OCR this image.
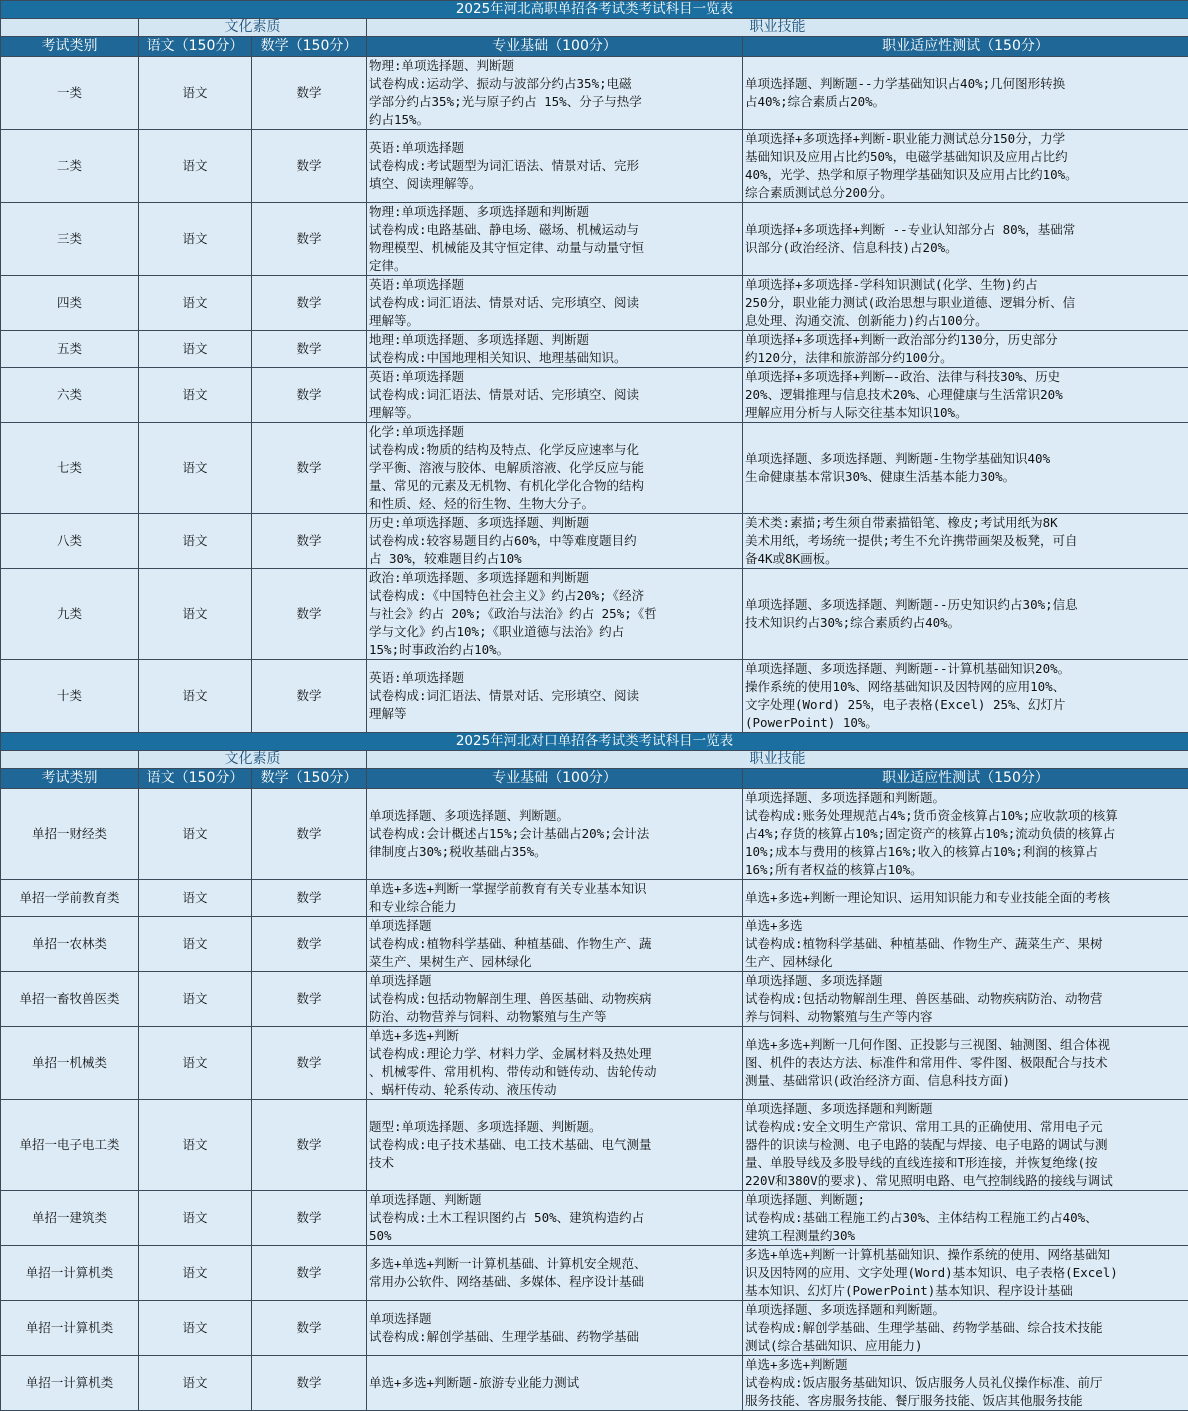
2025年河北高职单招各考试类考试科目一览表				
	文化素质		职业技能	
考试类别	语文（150分）	数学（150分）	专业基础（100分）	职业适应性测试（150分）
一类	语文	数学	物理:单项选择题、判断题
试卷构成:运动学、振动与波部分约占35%;电磁
学部分约占35%;光与原子约占 15%、分子与热学
约占15%。	单项选择题、判断题--力学基础知识占40%;几何图形转换
占40%;综合素质占20%。
二类	语文	数学	英语:单项选择题
试卷构成:考试题型为词汇语法、情景对话、完形
填空、阅读理解等。	单项选择+多项选择+判断-职业能力测试总分150分，力学
基础知识及应用占比约50%，电磁学基础知识及应用占比约
40%，光学、热学和原子物理学基础知识及应用占比约10%。
综合素质测试总分200分。
三类	语文	数学	物理:单项选择题、多项选择题和判断题
试卷构成:电路基础、静电场、磁场、机械运动与
物理模型、机械能及其守恒定律、动量与动量守恒
定律。	单项选择+多项选择+判断 --专业认知部分占 80%，基础常
识部分(政治经济、信息科技)占20%。
四类	语文	数学	英语:单项选择题
试卷构成:词汇语法、情景对话、完形填空、阅读
理解等。	单项选择+多项选择-学科知识测试(化学、生物)约占
250分，职业能力测试(政治思想与职业道德、逻辑分析、信
息处理、沟通交流、创新能力)约占100分。
五类	语文	数学	地理:单项选择题、多项选择题、判断题
试卷构成:中国地理相关知识、地理基础知识。	单项选择+多项选择+判断一政治部分约130分，历史部分
约120分，法律和旅游部分约100分。
六类	语文	数学	英语:单项选择题
试卷构成:词汇语法、情景对话、完形填空、阅读
理解等。	单项选择+多项选择+判断—-政治、法律与科技30%、历史
20%、逻辑推理与信息技术20%、心理健康与生活常识20%
理解应用分析与人际交往基本知识10%。
七类	语文	数学	化学:单项选择题
试卷构成:物质的结构及特点、化学反应速率与化
学平衡、溶液与胶体、电解质溶液、化学反应与能
量、常见的元素及无机物、有机化学化合物的结构
和性质、烃、烃的衍生物、生物大分子。	单项选择题、多项选择题、判断题-生物学基础知识40%
生命健康基本常识30%、健康生活基本能力30%。
八类	语文	数学	历史:单项选择题、多项选择题、判断题
试卷构成:较容易题目约占60%，中等难度题目约
占 30%，较难题目约占10%	美术类:素描;考生须自带素描铅笔、橡皮;考试用纸为8K
美术用纸，考场统一提供;考生不允许携带画架及板凳，可自
备4K或8K画板。
九类	语文	数学	政治:单项选择题、多项选择题和判断题
试卷构成:《中国特色社会主义》约占20%;《经济
与社会》约占 20%;《政治与法治》约占 25%;《哲
学与文化》约占10%;《职业道德与法治》约占
15%;时事政治约占10%。	单项选择题、多项选择题、判断题--历史知识约占30%;信息
技术知识约占30%;综合素质约占40%。
十类	语文	数学	英语:单项选择题
试卷构成:词汇语法、情景对话、完形填空、阅读
理解等	单项选择题、多项选择题、判断题--计算机基础知识20%。
操作系统的使用10%、网络基础知识及因特网的应用10%、
文字处理(Word) 25%，电子表格(Excel) 25%、幻灯片
(PowerPoint) 10%。
2025年河北对口单招各考试类考试科目一览表				
	文化素质		职业技能	
考试类别	语文（150分）	数学（150分）	专业基础（100分）	职业适应性测试（150分）
单招一财经类	语文	数学	单项选择题、多项选择题、判断题。
试卷构成:会计概述占15%;会计基础占20%;会计法
律制度占30%;税收基础占35%。	单项选择题、多项选择题和判断题。
试卷构成:账务处理规范占4%;货币资金核算占10%;应收款项的核算
占4%;存货的核算占10%;固定资产的核算占10%;流动负债的核算占
10%;成本与费用的核算占16%;收入的核算占10%;利润的核算占
16%;所有者权益的核算占10%。
单招一学前教育类	语文	数学	单选+多选+判断一掌握学前教育有关专业基本知识
和专业综合能力	单选+多选+判断一理论知识、运用知识能力和专业技能全面的考核
单招一农林类	语文	数学	单项选择题
试卷构成:植物科学基础、种植基础、作物生产、蔬
菜生产、果树生产、园林绿化	单选+多选
试卷构成:植物科学基础、种植基础、作物生产、蔬菜生产、果树
生产、园林绿化
单招一畜牧兽医类	语文	数学	单项选择题
试卷构成:包括动物解剖生理、兽医基础、动物疾病
防治、动物营养与饲料、动物繁殖与生产等	单项选择题、多项选择题
试卷构成:包括动物解剖生理、兽医基础、动物疾病防治、动物营
养与饲料、动物繁殖与生产等内容
单招一机械类	语文	数学	单选+多选+判断
试卷构成:理论力学、材料力学、金属材料及热处理
、机械零件、常用机构、带传动和链传动、齿轮传动
、蜗杆传动、轮系传动、液压传动	单选+多选+判断一几何作图、正投影与三视图、轴测图、组合体视
图、机件的表达方法、标准件和常用件、零件图、极限配合与技术
测量、基础常识(政治经济方面、信息科技方面)
单招一电子电工类	语文	数学	题型:单项选择题、多项选择题、判断题。
试卷构成:电子技术基础、电工技术基础、电气测量
技术	单项选择题、多项选择题和判断题
试卷构成:安全文明生产常识、常用工具的正确使用、常用电子元
器件的识读与检测、电子电路的装配与焊接、电子电路的调试与测
量、单股导线及多股导线的直线连接和T形连接，并恢复绝缘(按
220V和380V的要求)、常见照明电路、电气控制线路的接线与调试
单招一建筑类	语文	数学	单项选择题、判断题
试卷构成:土木工程识图约占 50%、建筑构造约占
50%	单项选择题、判断题;
试卷构成:基础工程施工约占30%、主体结构工程施工约占40%、
建筑工程测量约30%
单招一计算机类	语文	数学	多选+单选+判断一计算机基础、计算机安全规范、
常用办公软件、网络基础、多媒体、程序设计基础	多选+单选+判断一计算机基础知识、操作系统的使用、网络基础知
识及因特网的应用、文字处理(Word)基本知识、电子表格(Excel)
基本知识、幻灯片(PowerPoint)基本知识、程序设计基础
单招一计算机类	语文	数学	单项选择题
试卷构成:解创学基础、生理学基础、药物学基础	单项选择题、多项选择题和判断题。
试卷构成:解创学基础、生理学基础、药物学基础、综合技术技能
测试(综合基础知识、应用能力)
单招一计算机类	语文	数学	单选+多选+判断题-旅游专业能力测试	单选+多选+判断题
试卷构成:饭店服务基础知识、饭店服务人员礼仪操作标准、前厅
服务技能、客房服务技能、餐厅服务技能、饭店其他服务技能
